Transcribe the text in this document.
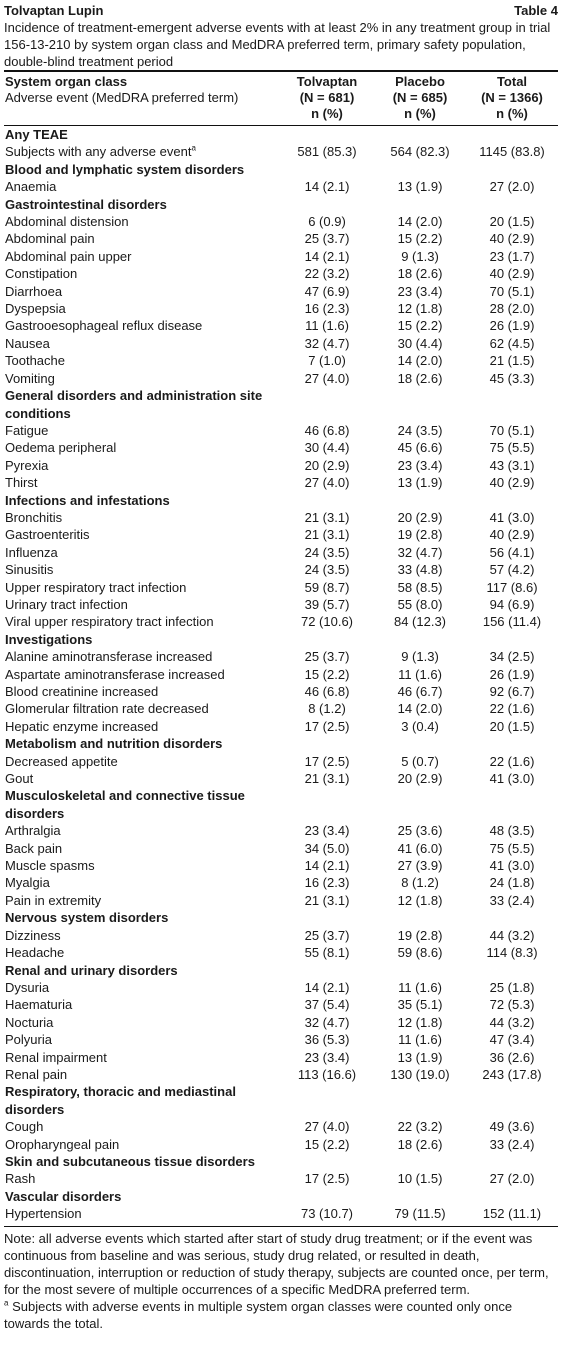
Tolvaptan Lupin	Table 4

Incidence of treatment-emergent adverse events with at least 2% in any treatment group in trial 156-13-210 by system organ class and MedDRA preferred term, primary safety population, double-blind treatment period

System organ class	Tolvaptan	Placebo	Total
Adverse event (MedDRA preferred term)	(N = 681)	(N = 685)	(N = 1366)
	n (%)	n (%)	n (%)
Any TEAE			
Subjects with any adverse event$^a$	581 (85.3)	564 (82.3)	1145 (83.8)
Blood and lymphatic system disorders			
Anaemia	14 (2.1)	13 (1.9)	27 (2.0)
Gastrointestinal disorders			
Abdominal distension	6 (0.9)	14 (2.0)	20 (1.5)
Abdominal pain	25 (3.7)	15 (2.2)	40 (2.9)
Abdominal pain upper	14 (2.1)	9 (1.3)	23 (1.7)
Constipation	22 (3.2)	18 (2.6)	40 (2.9)
Diarrhoea	47 (6.9)	23 (3.4)	70 (5.1)
Dyspepsia	16 (2.3)	12 (1.8)	28 (2.0)
Gastrooesophageal reflux disease	11 (1.6)	15 (2.2)	26 (1.9)
Nausea	32 (4.7)	30 (4.4)	62 (4.5)
Toothache	7 (1.0)	14 (2.0)	21 (1.5)
Vomiting	27 (4.0)	18 (2.6)	45 (3.3)
General disorders and administration site conditions			
Fatigue	46 (6.8)	24 (3.5)	70 (5.1)
Oedema peripheral	30 (4.4)	45 (6.6)	75 (5.5)
Pyrexia	20 (2.9)	23 (3.4)	43 (3.1)
Thirst	27 (4.0)	13 (1.9)	40 (2.9)
Infections and infestations			
Bronchitis	21 (3.1)	20 (2.9)	41 (3.0)
Gastroenteritis	21 (3.1)	19 (2.8)	40 (2.9)
Influenza	24 (3.5)	32 (4.7)	56 (4.1)
Sinusitis	24 (3.5)	33 (4.8)	57 (4.2)
Upper respiratory tract infection	59 (8.7)	58 (8.5)	117 (8.6)
Urinary tract infection	39 (5.7)	55 (8.0)	94 (6.9)
Viral upper respiratory tract infection	72 (10.6)	84 (12.3)	156 (11.4)
Investigations			
Alanine aminotransferase increased	25 (3.7)	9 (1.3)	34 (2.5)
Aspartate aminotransferase increased	15 (2.2)	11 (1.6)	26 (1.9)
Blood creatinine increased	46 (6.8)	46 (6.7)	92 (6.7)
Glomerular filtration rate decreased	8 (1.2)	14 (2.0)	22 (1.6)
Hepatic enzyme increased	17 (2.5)	3 (0.4)	20 (1.5)
Metabolism and nutrition disorders			
Decreased appetite	17 (2.5)	5 (0.7)	22 (1.6)
Gout	21 (3.1)	20 (2.9)	41 (3.0)
Musculoskeletal and connective tissue disorders			
Arthralgia	23 (3.4)	25 (3.6)	48 (3.5)
Back pain	34 (5.0)	41 (6.0)	75 (5.5)
Muscle spasms	14 (2.1)	27 (3.9)	41 (3.0)
Myalgia	16 (2.3)	8 (1.2)	24 (1.8)
Pain in extremity	21 (3.1)	12 (1.8)	33 (2.4)
Nervous system disorders			
Dizziness	25 (3.7)	19 (2.8)	44 (3.2)
Headache	55 (8.1)	59 (8.6)	114 (8.3)
Renal and urinary disorders			
Dysuria	14 (2.1)	11 (1.6)	25 (1.8)
Haematuria	37 (5.4)	35 (5.1)	72 (5.3)
Nocturia	32 (4.7)	12 (1.8)	44 (3.2)
Polyuria	36 (5.3)	11 (1.6)	47 (3.4)
Renal impairment	23 (3.4)	13 (1.9)	36 (2.6)
Renal pain	113 (16.6)	130 (19.0)	243 (17.8)
Respiratory, thoracic and mediastinal disorders			
Cough	27 (4.0)	22 (3.2)	49 (3.6)
Oropharyngeal pain	15 (2.2)	18 (2.6)	33 (2.4)
Skin and subcutaneous tissue disorders			
Rash	17 (2.5)	10 (1.5)	27 (2.0)
Vascular disorders			
Hypertension	73 (10.7)	79 (11.5)	152 (11.1)

Note: all adverse events which started after start of study drug treatment; or if the event was continuous from baseline and was serious, study drug related, or resulted in death, discontinuation, interruption or reduction of study therapy, subjects are counted once, per term, for the most severe of multiple occurrences of a specific MedDRA preferred term.

$^a$ Subjects with adverse events in multiple system organ classes were counted only once towards the total.
